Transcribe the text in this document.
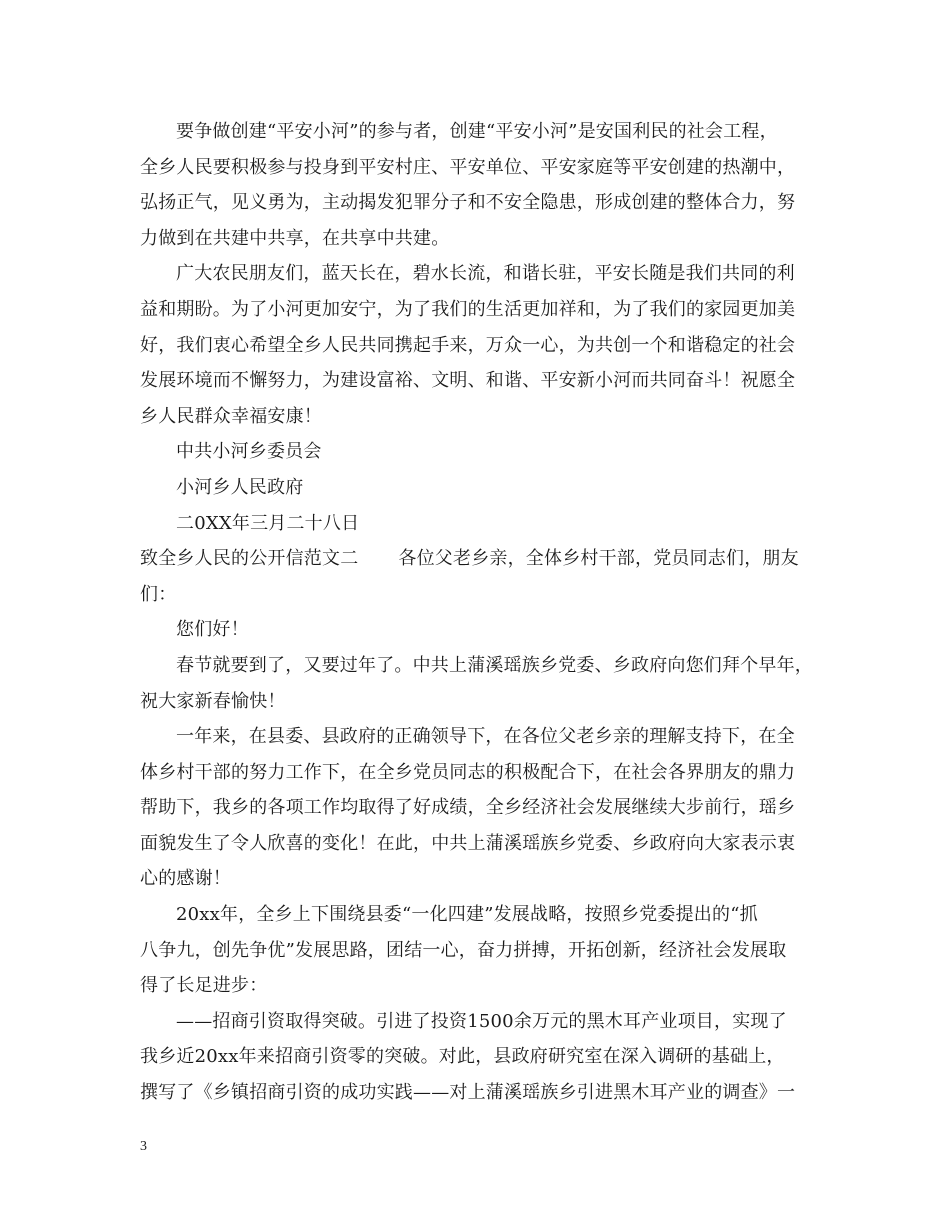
要争做创建“平安小河”的参与者，创建“平安小河”是安国利民的社会工程，
全乡人民要积极参与投身到平安村庄、平安单位、平安家庭等平安创建的热潮中，
弘扬正气，见义勇为，主动揭发犯罪分子和不安全隐患，形成创建的整体合力，努
力做到在共建中共享，在共享中共建。
广大农民朋友们，蓝天长在，碧水长流，和谐长驻，平安长随是我们共同的利
益和期盼。为了小河更加安宁，为了我们的生活更加祥和，为了我们的家园更加美
好，我们衷心希望全乡人民共同携起手来，万众一心，为共创一个和谐稳定的社会
发展环境而不懈努力，为建设富裕、文明、和谐、平安新小河而共同奋斗！祝愿全
乡人民群众幸福安康！
中共小河乡委员会
小河乡人民政府
二0XX年三月二十八日
致全乡人民的公开信范文二 各位父老乡亲，全体乡村干部，党员同志们，朋友
们：
您们好！
春节就要到了，又要过年了。中共上蒲溪瑶族乡党委、乡政府向您们拜个早年，
祝大家新春愉快！
一年来，在县委、县政府的正确领导下，在各位父老乡亲的理解支持下，在全
体乡村干部的努力工作下，在全乡党员同志的积极配合下，在社会各界朋友的鼎力
帮助下，我乡的各项工作均取得了好成绩，全乡经济社会发展继续大步前行，瑶乡
面貌发生了令人欣喜的变化！在此，中共上蒲溪瑶族乡党委、乡政府向大家表示衷
心的感谢！
20xx年，全乡上下围绕县委“一化四建”发展战略，按照乡党委提出的“抓
八争九，创先争优”发展思路，团结一心，奋力拼搏，开拓创新，经济社会发展取
得了长足进步：
——招商引资取得突破。引进了投资1500余万元的黑木耳产业项目，实现了
我乡近20xx年来招商引资零的突破。对此，县政府研究室在深入调研的基础上，
撰写了《乡镇招商引资的成功实践——对上蒲溪瑶族乡引进黑木耳产业的调查》一
3
